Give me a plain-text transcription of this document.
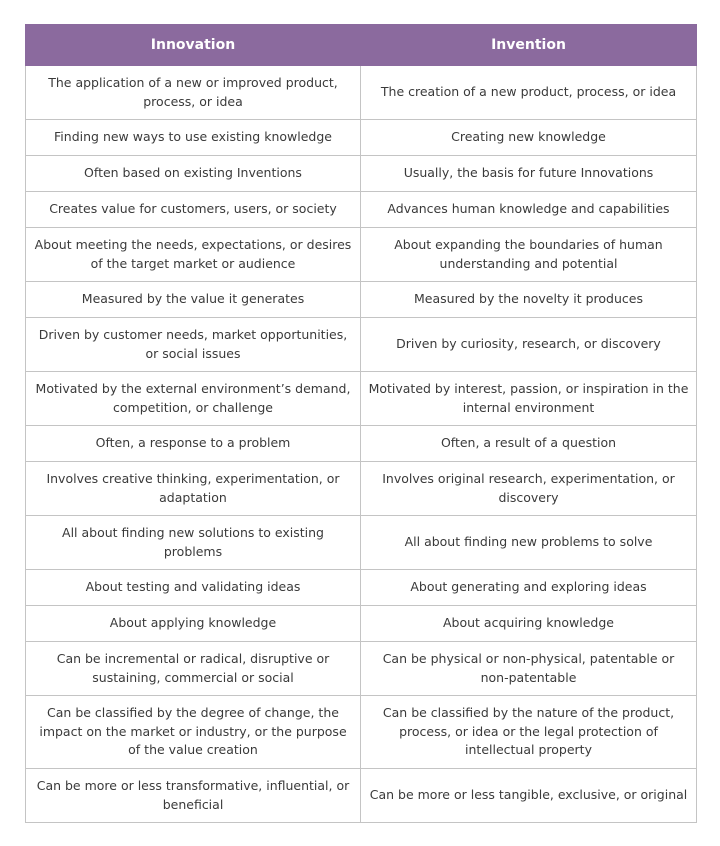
Innovation	Invention
The application of a new or improved product, process, or idea	The creation of a new product, process, or idea
Finding new ways to use existing knowledge	Creating new knowledge
Often based on existing Inventions	Usually, the basis for future Innovations
Creates value for customers, users, or society	Advances human knowledge and capabilities
About meeting the needs, expectations, or desires of the target market or audience	About expanding the boundaries of human understanding and potential
Measured by the value it generates	Measured by the novelty it produces
Driven by customer needs, market opportunities, or social issues	Driven by curiosity, research, or discovery
Motivated by the external environment’s demand, competition, or challenge	Motivated by interest, passion, or inspiration in the internal environment
Often, a response to a problem	Often, a result of a question
Involves creative thinking, experimentation, or adaptation	Involves original research, experimentation, or discovery
All about finding new solutions to existing problems	All about finding new problems to solve
About testing and validating ideas	About generating and exploring ideas
About applying knowledge	About acquiring knowledge
Can be incremental or radical, disruptive or sustaining, commercial or social	Can be physical or non-physical, patentable or non-patentable
Can be classified by the degree of change, the impact on the market or industry, or the purpose of the value creation	Can be classified by the nature of the product, process, or idea or the legal protection of intellectual property
Can be more or less transformative, influential, or beneficial	Can be more or less tangible, exclusive, or original
